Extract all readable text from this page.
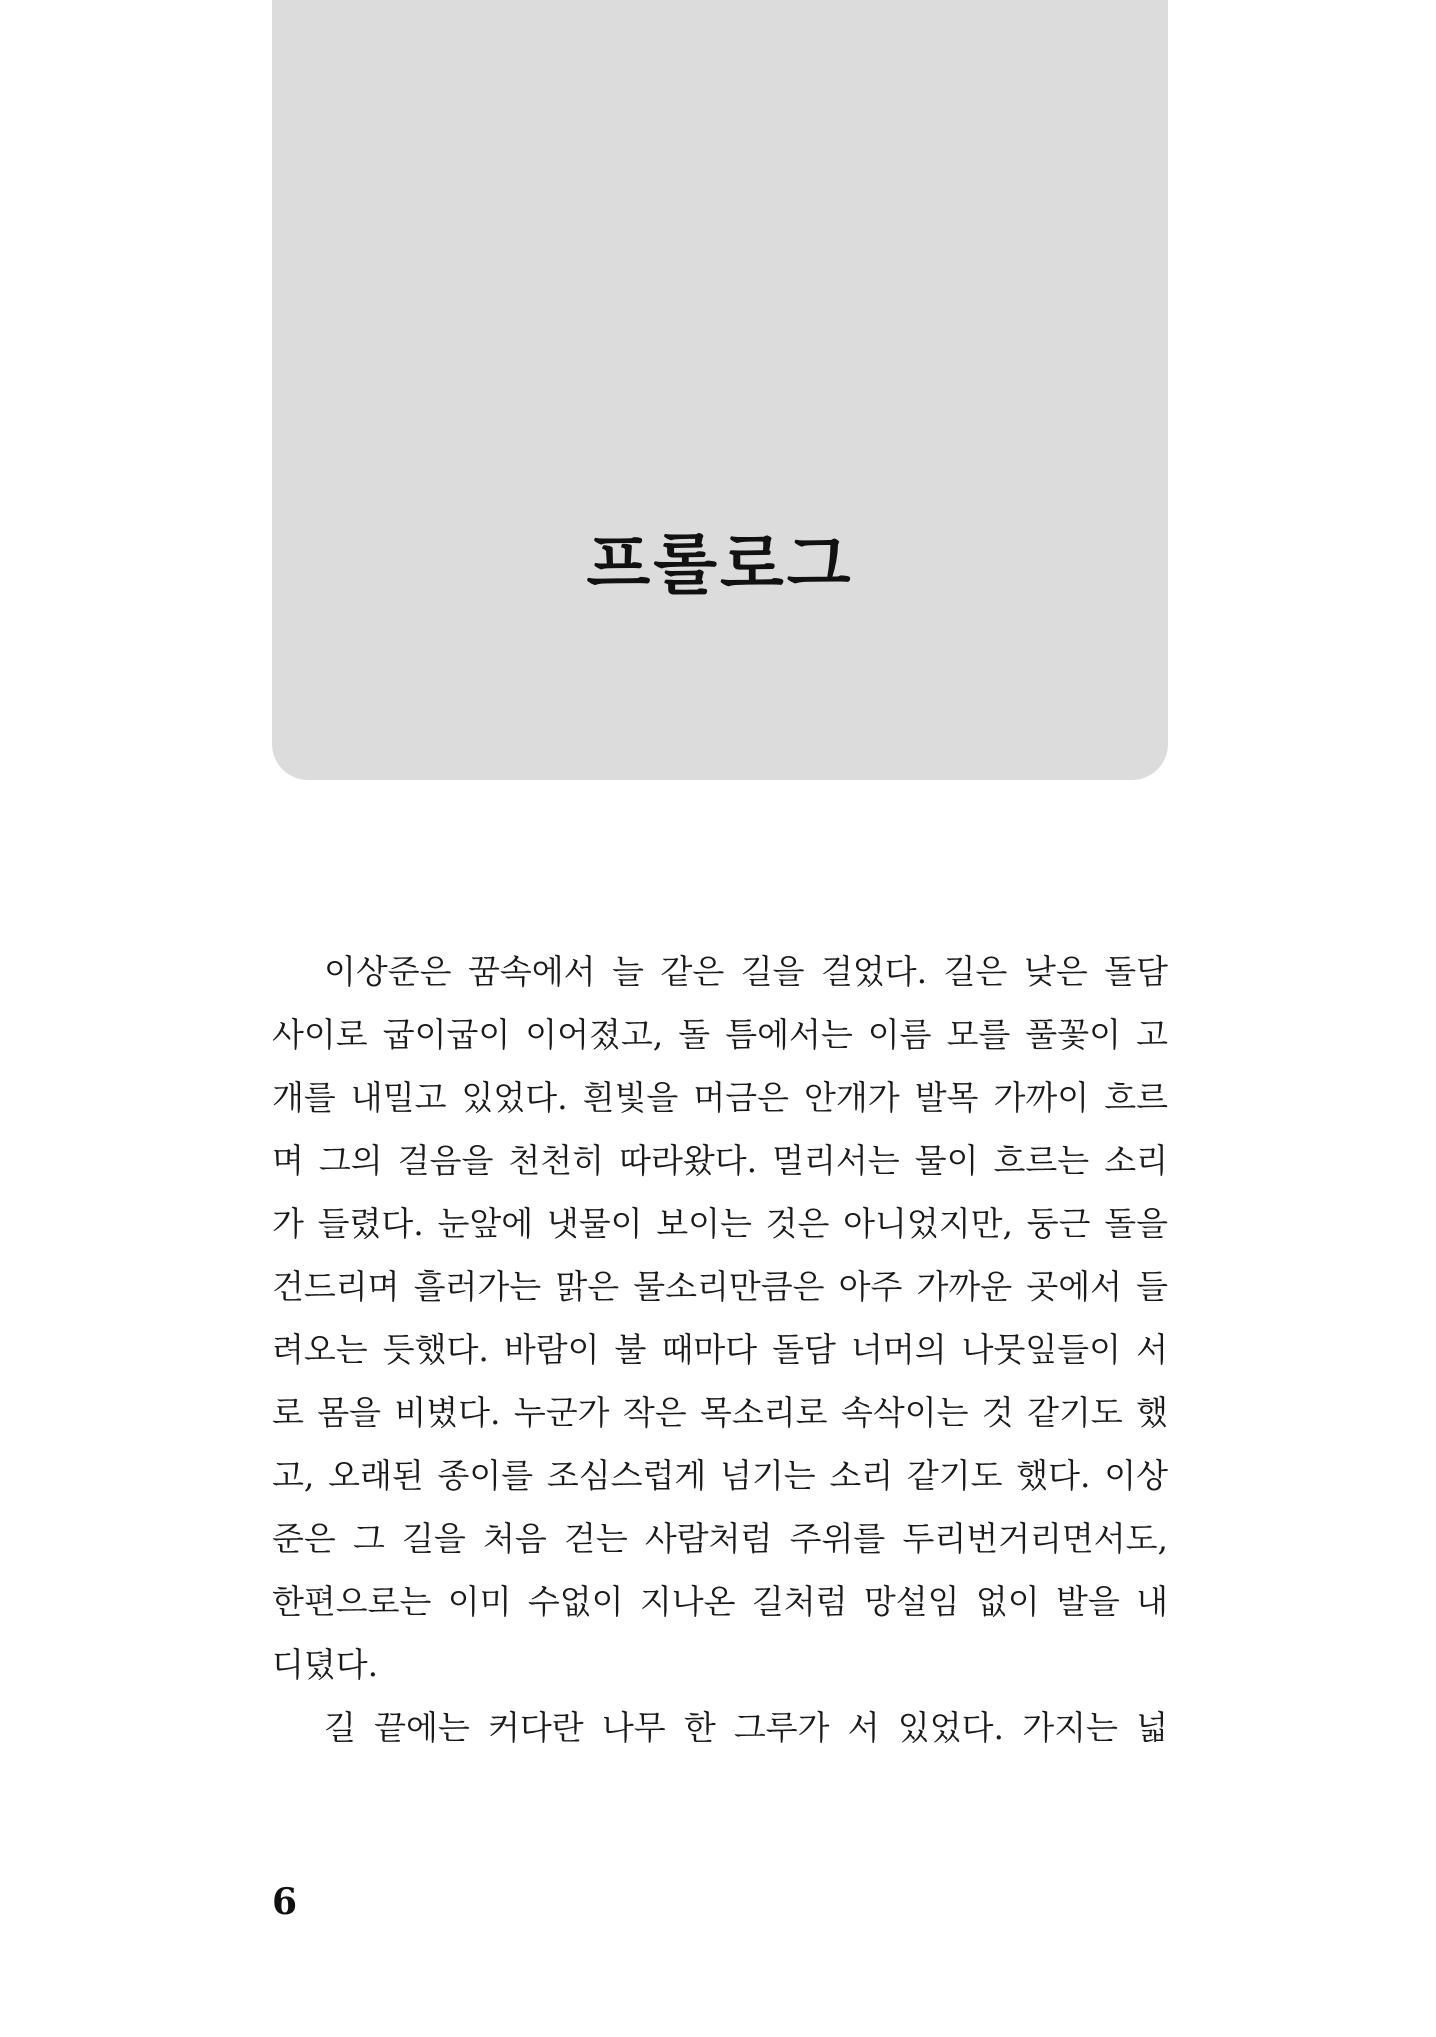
프롤로그
이상준은 꿈속에서 늘 같은 길을 걸었다. 길은 낮은 돌담
사이로 굽이굽이 이어졌고, 돌 틈에서는 이름 모를 풀꽃이 고
개를 내밀고 있었다. 흰빛을 머금은 안개가 발목 가까이 흐르
며 그의 걸음을 천천히 따라왔다. 멀리서는 물이 흐르는 소리
가 들렸다. 눈앞에 냇물이 보이는 것은 아니었지만, 둥근 돌을
건드리며 흘러가는 맑은 물소리만큼은 아주 가까운 곳에서 들
려오는 듯했다. 바람이 불 때마다 돌담 너머의 나뭇잎들이 서
로 몸을 비볐다. 누군가 작은 목소리로 속삭이는 것 같기도 했
고, 오래된 종이를 조심스럽게 넘기는 소리 같기도 했다. 이상
준은 그 길을 처음 걷는 사람처럼 주위를 두리번거리면서도,
한편으로는 이미 수없이 지나온 길처럼 망설임 없이 발을 내
디뎠다.
길 끝에는 커다란 나무 한 그루가 서 있었다. 가지는 넓
6
